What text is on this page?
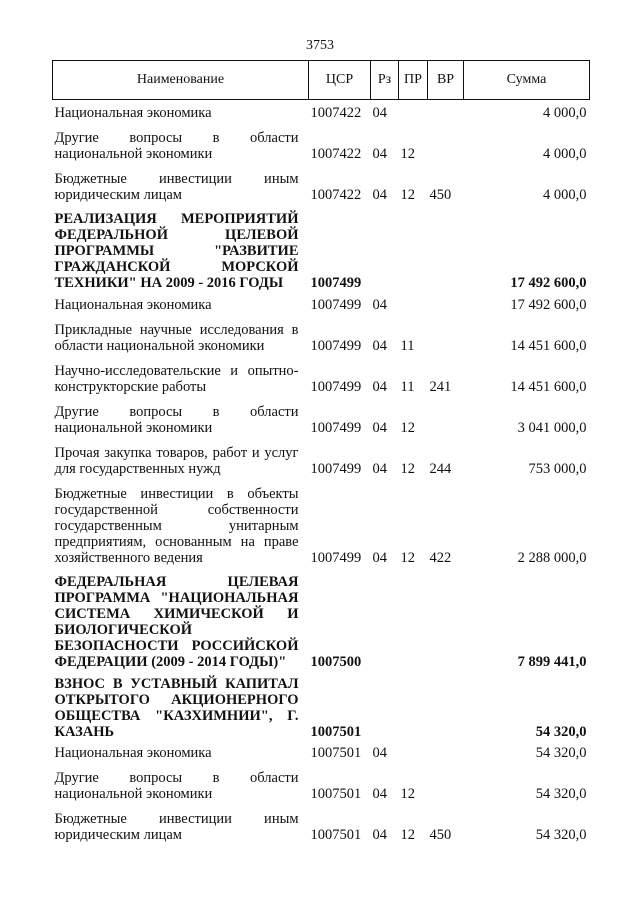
3753
Наименование	ЦСР	Рз	ПР	ВР	Сумма
Национальная экономика	1007422	04			4 000,0
Другие вопросы в области национальной экономики	1007422	04	12		4 000,0
Бюджетные инвестиции иным юридическим лицам	1007422	04	12	450	4 000,0
РЕАЛИЗАЦИЯ МЕРОПРИЯТИЙ ФЕДЕРАЛЬНОЙ ЦЕЛЕВОЙ ПРОГРАММЫ "РАЗВИТИЕ ГРАЖДАНСКОЙ МОРСКОЙ ТЕХНИКИ" НА 2009 - 2016 ГОДЫ	1007499				17 492 600,0
Национальная экономика	1007499	04			17 492 600,0
Прикладные научные исследования в области национальной экономики	1007499	04	11		14 451 600,0
Научно-исследовательские и опытно-конструкторские работы	1007499	04	11	241	14 451 600,0
Другие вопросы в области национальной экономики	1007499	04	12		3 041 000,0
Прочая закупка товаров, работ и услуг для государственных нужд	1007499	04	12	244	753 000,0
Бюджетные инвестиции в объекты государственной собственности государственным унитарным предприятиям, основанным на праве хозяйственного ведения	1007499	04	12	422	2 288 000,0
ФЕДЕРАЛЬНАЯ ЦЕЛЕВАЯ ПРОГРАММА "НАЦИОНАЛЬНАЯ СИСТЕМА ХИМИЧЕСКОЙ И БИОЛОГИЧЕСКОЙ БЕЗОПАСНОСТИ РОССИЙСКОЙ ФЕДЕРАЦИИ (2009 - 2014 ГОДЫ)"	1007500				7 899 441,0
ВЗНОС В УСТАВНЫЙ КАПИТАЛ ОТКРЫТОГО АКЦИОНЕРНОГО ОБЩЕСТВА "КАЗХИМНИИ", Г. КАЗАНЬ	1007501				54 320,0
Национальная экономика	1007501	04			54 320,0
Другие вопросы в области национальной экономики	1007501	04	12		54 320,0
Бюджетные инвестиции иным юридическим лицам	1007501	04	12	450	54 320,0
